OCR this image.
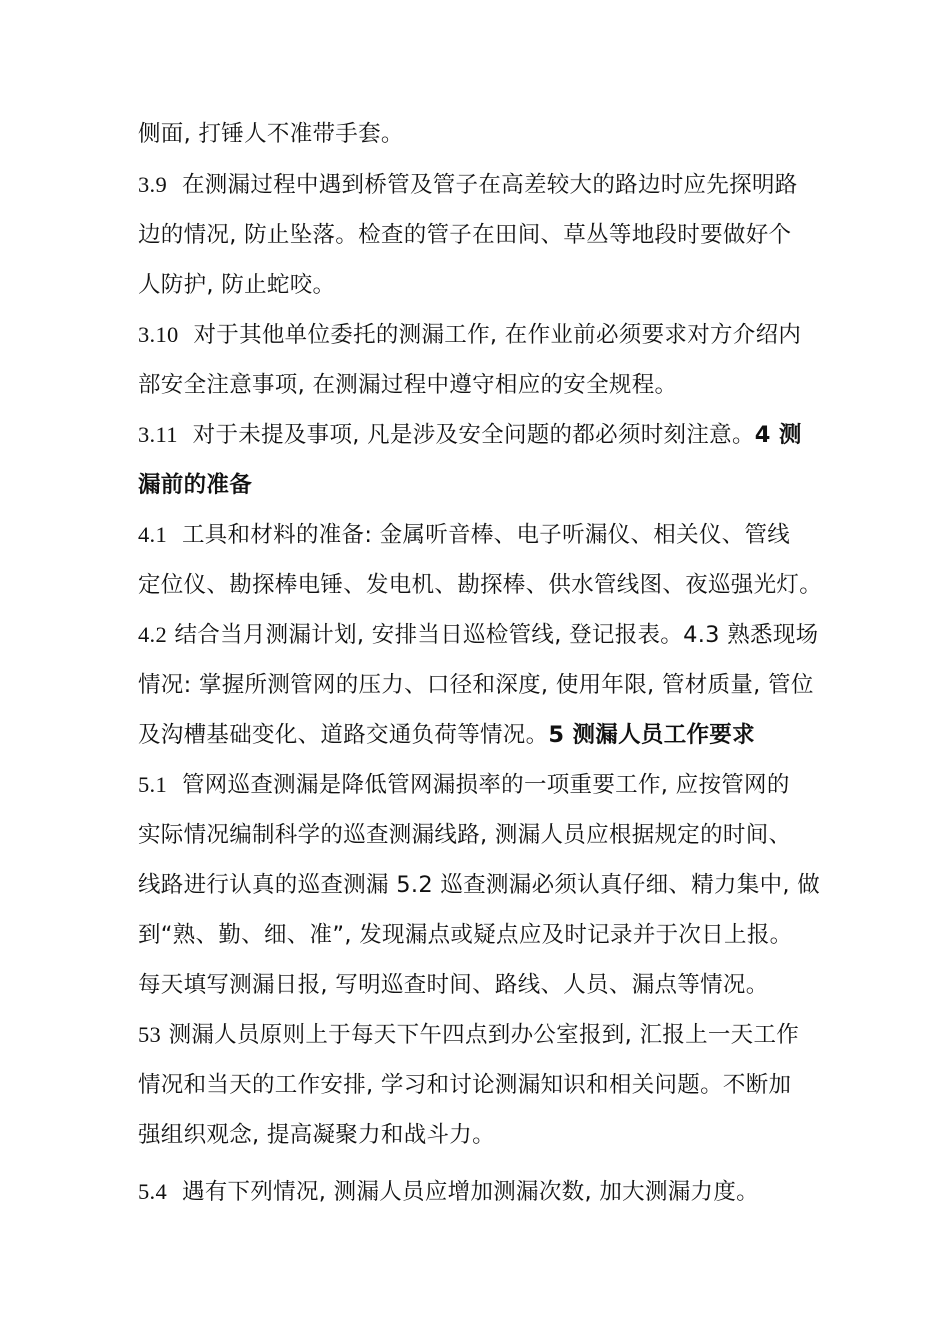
侧面, 打锤人不准带手套。
3.9 在测漏过程中遇到桥管及管子在高差较大的路边时应先探明路
边的情况, 防止坠落。检查的管子在田间、草丛等地段时要做好个
人防护, 防止蛇咬。
3.10 对于其他单位委托的测漏工作, 在作业前必须要求对方介绍内
部安全注意事项, 在测漏过程中遵守相应的安全规程。
3.11 对于未提及事项, 凡是涉及安全问题的都必须时刻注意。4 测
漏前的准备
4.1 工具和材料的准备: 金属听音棒、电子听漏仪、相关仪、管线
定位仪、勘探棒电锤、发电机、勘探棒、供水管线图、夜巡强光灯。
4.2 结合当月测漏计划, 安排当日巡检管线, 登记报表。4.3 熟悉现场
情况: 掌握所测管网的压力、口径和深度, 使用年限, 管材质量, 管位
及沟槽基础变化、道路交通负荷等情况。5 测漏人员工作要求
5.1 管网巡查测漏是降低管网漏损率的一项重要工作, 应按管网的
实际情况编制科学的巡查测漏线路, 测漏人员应根据规定的时间、
线路进行认真的巡查测漏 5.2 巡查测漏必须认真仔细、精力集中, 做
到“熟、勤、细、准”, 发现漏点或疑点应及时记录并于次日上报。
每天填写测漏日报, 写明巡查时间、路线、人员、漏点等情况。
53 测漏人员原则上于每天下午四点到办公室报到, 汇报上一天工作
情况和当天的工作安排, 学习和讨论测漏知识和相关问题。不断加
强组织观念, 提高凝聚力和战斗力。
5.4 遇有下列情况, 测漏人员应增加测漏次数, 加大测漏力度。
